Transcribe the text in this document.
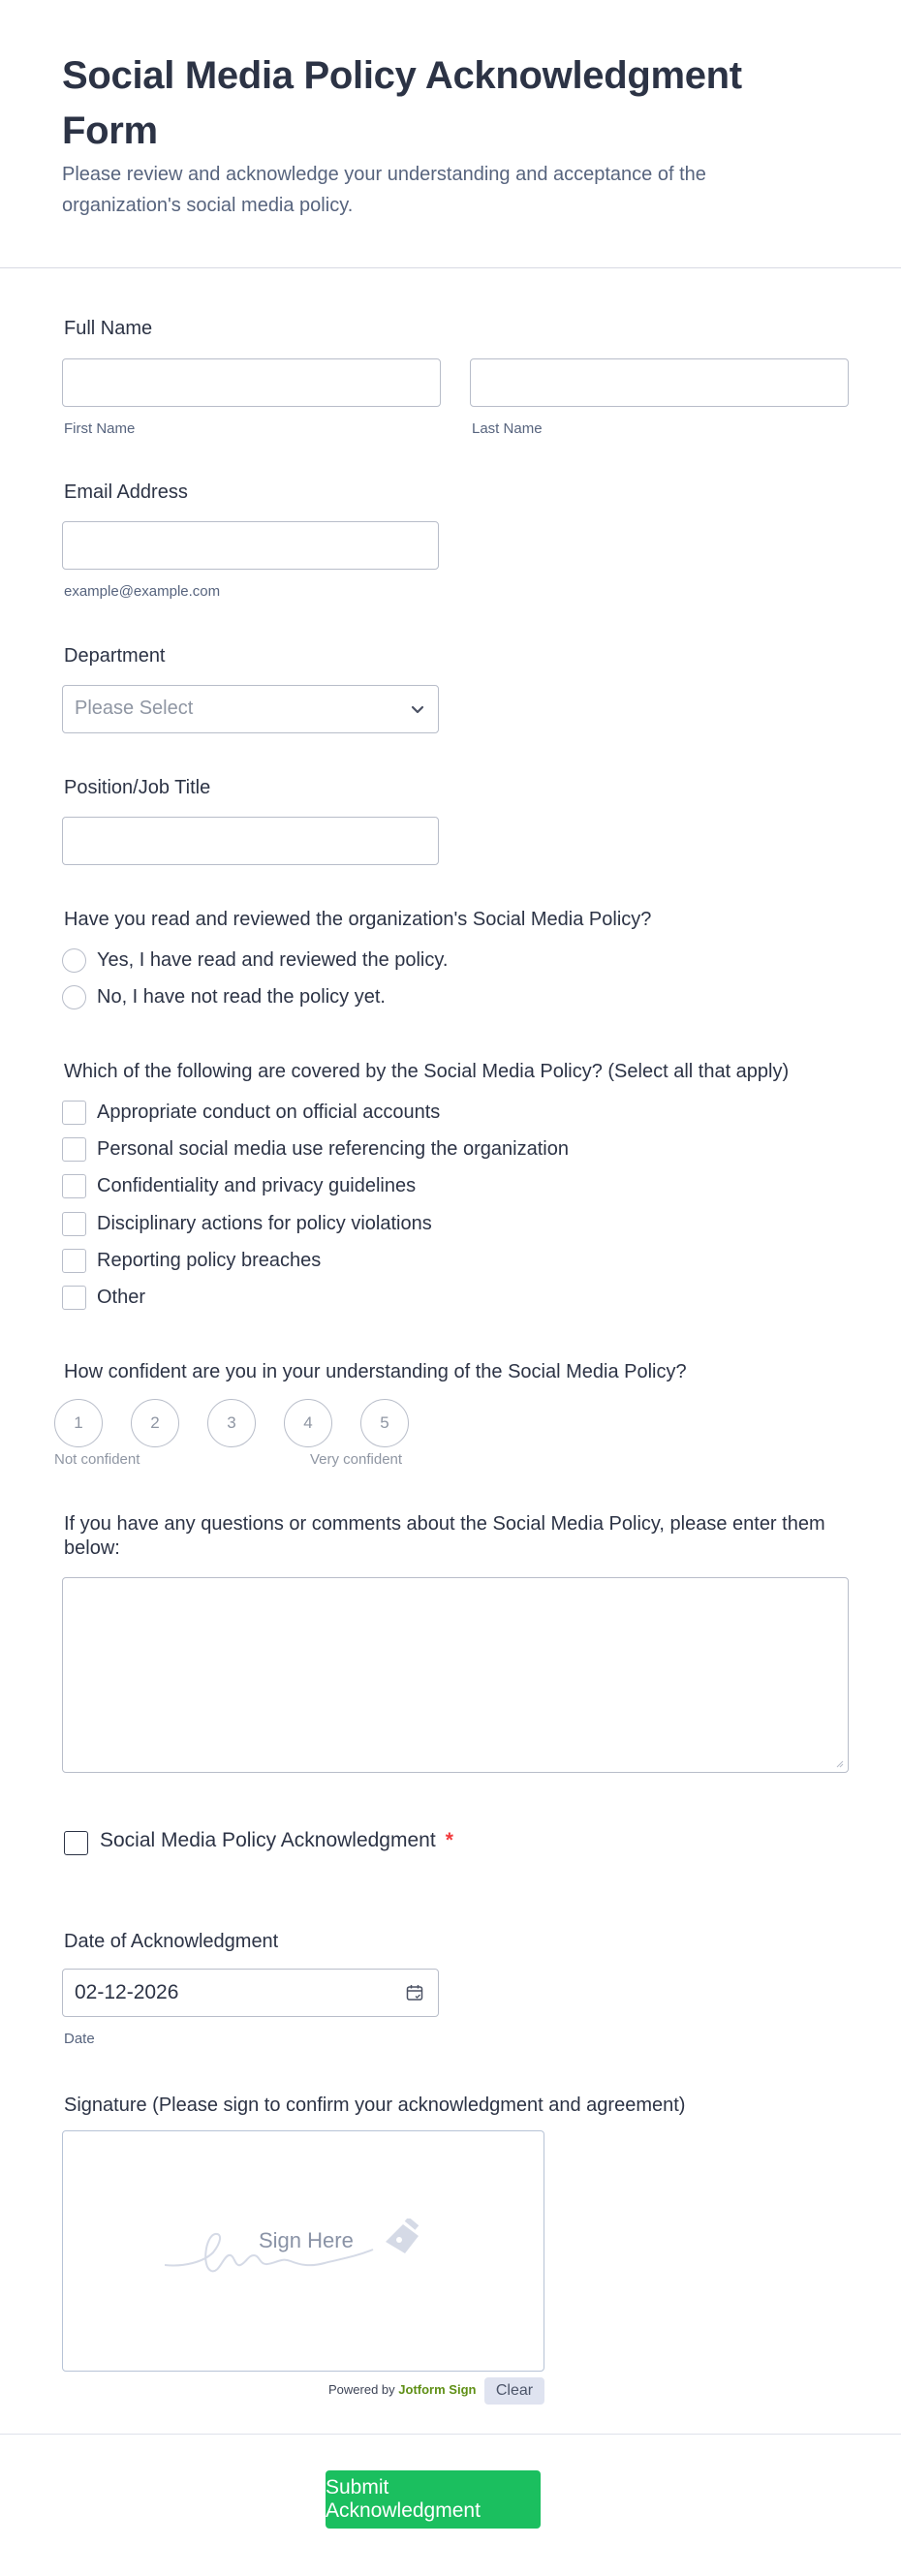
Social Media Policy Acknowledgment Form

Please review and acknowledge your understanding and acceptance of the organization's social media policy.

Full Name
First Name	Last Name
Email Address
example@example.com
Department
Please Select
Position/Job Title
Have you read and reviewed the organization's Social Media Policy?
Yes, I have read and reviewed the policy.
No, I have not read the policy yet.
Which of the following are covered by the Social Media Policy? (Select all that apply)
Appropriate conduct on official accounts
Personal social media use referencing the organization
Confidentiality and privacy guidelines
Disciplinary actions for policy violations
Reporting policy breaches
Other
How confident are you in your understanding of the Social Media Policy?
1	2	3	4	5
Not confident	Very confident
If you have any questions or comments about the Social Media Policy, please enter them below:
Social Media Policy Acknowledgment *
Date of Acknowledgment
02-12-2026
Date
Signature (Please sign to confirm your acknowledgment and agreement)
Sign Here
Powered by Jotform Sign	Clear
Submit Acknowledgment
